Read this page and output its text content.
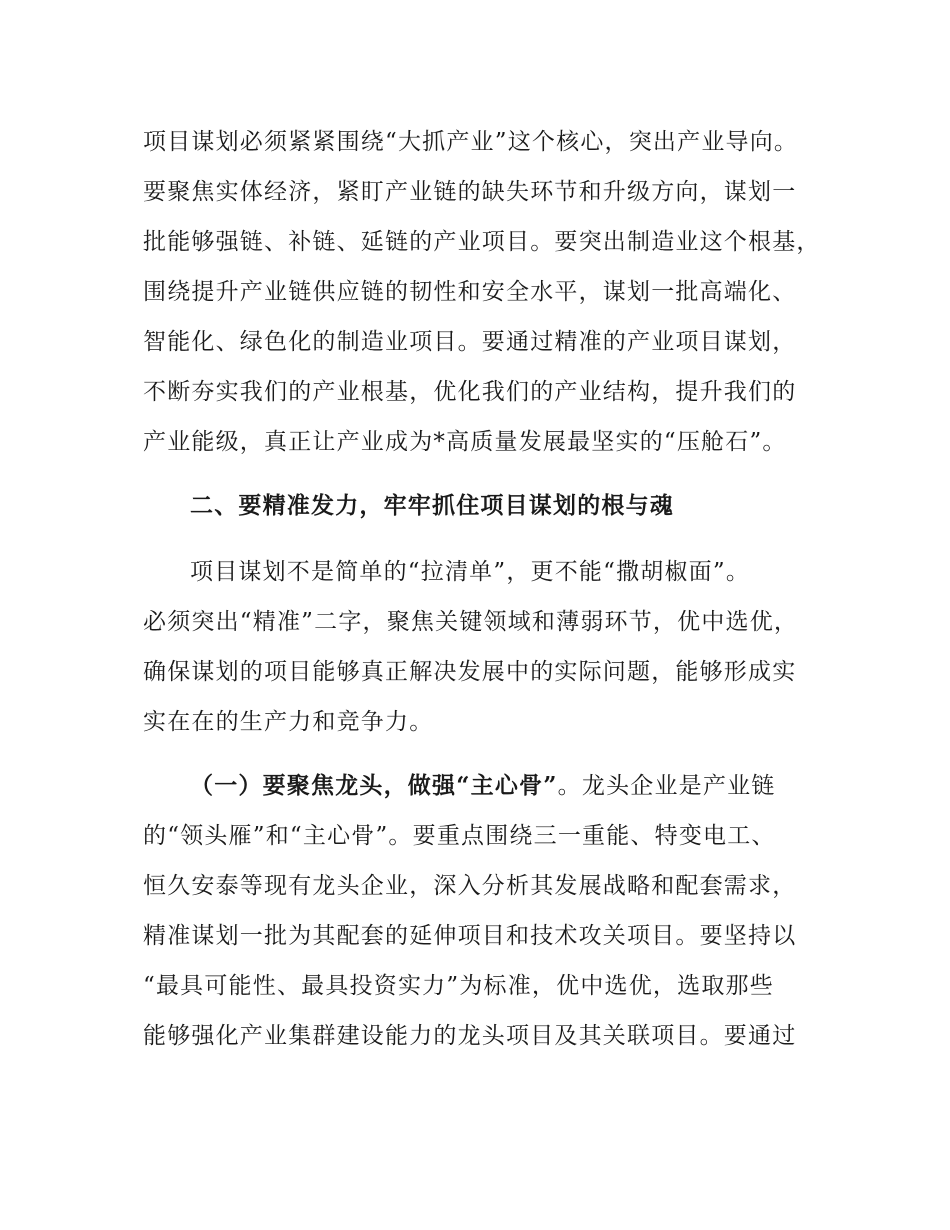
项目谋划必须紧紧围绕“大抓产业”这个核心，突出产业导向。
要聚焦实体经济，紧盯产业链的缺失环节和升级方向，谋划一
批能够强链、补链、延链的产业项目。要突出制造业这个根基，
围绕提升产业链供应链的韧性和安全水平，谋划一批高端化、
智能化、绿色化的制造业项目。要通过精准的产业项目谋划，
不断夯实我们的产业根基，优化我们的产业结构，提升我们的
产业能级，真正让产业成为*高质量发展最坚实的“压舱石”。
二、要精准发力，牢牢抓住项目谋划的根与魂
项目谋划不是简单的“拉清单”，更不能“撒胡椒面”。
必须突出“精准”二字，聚焦关键领域和薄弱环节，优中选优，
确保谋划的项目能够真正解决发展中的实际问题，能够形成实
实在在的生产力和竞争力。
（一）要聚焦龙头，做强“主心骨”。龙头企业是产业链
的“领头雁”和“主心骨”。要重点围绕三一重能、特变电工、
恒久安泰等现有龙头企业，深入分析其发展战略和配套需求，
精准谋划一批为其配套的延伸项目和技术攻关项目。要坚持以
“最具可能性、最具投资实力”为标准，优中选优，选取那些
能够强化产业集群建设能力的龙头项目及其关联项目。要通过
